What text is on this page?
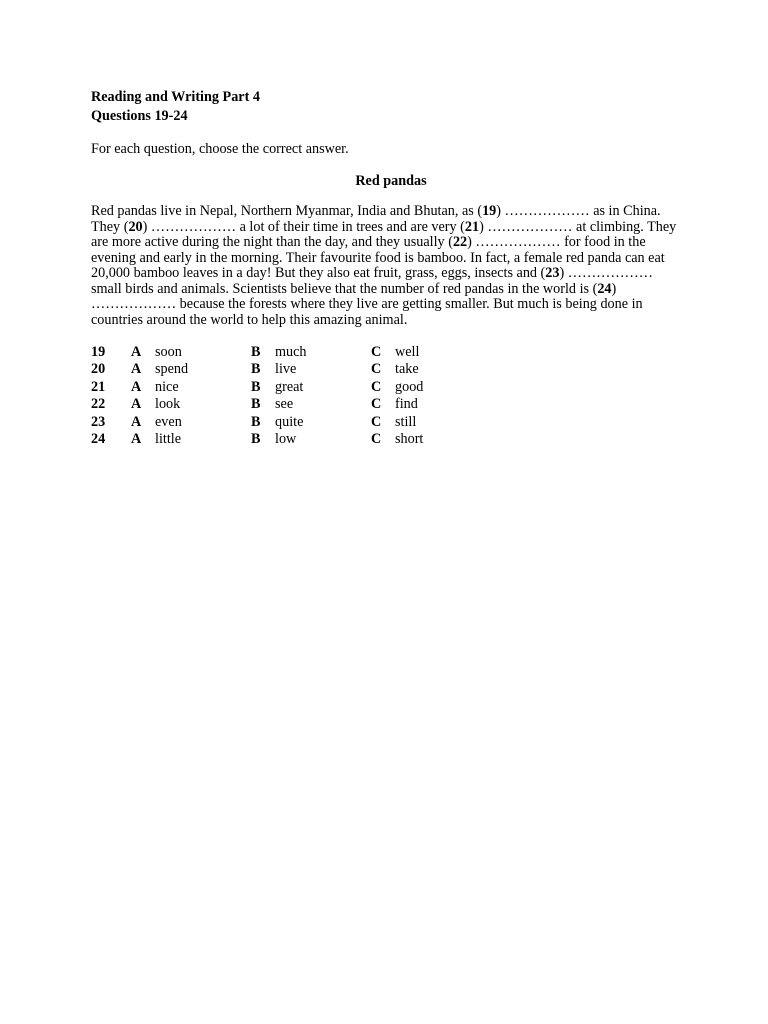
Reading and Writing Part 4

Questions 19-24

For each question, choose the correct answer.

Red pandas

Red pandas live in Nepal, Northern Myanmar, India and Bhutan, as (19) ……………… as in China. They (20) ……………… a lot of their time in trees and are very (21) ……………… at climbing. They are more active during the night than the day, and they usually (22) ……………… for food in the evening and early in the morning. Their favourite food is bamboo. In fact, a female red panda can eat 20,000 bamboo leaves in a day! But they also eat fruit, grass, eggs, insects and (23) ……………… small birds and animals. Scientists believe that the number of red pandas in the world is (24) ……………… because the forests where they live are getting smaller. But much is being done in countries around the world to help this amazing animal.

19	A	soon	B	much	C	well
20	A	spend	B	live	C	take
21	A	nice	B	great	C	good
22	A	look	B	see	C	find
23	A	even	B	quite	C	still
24	A	little	B	low	C	short
